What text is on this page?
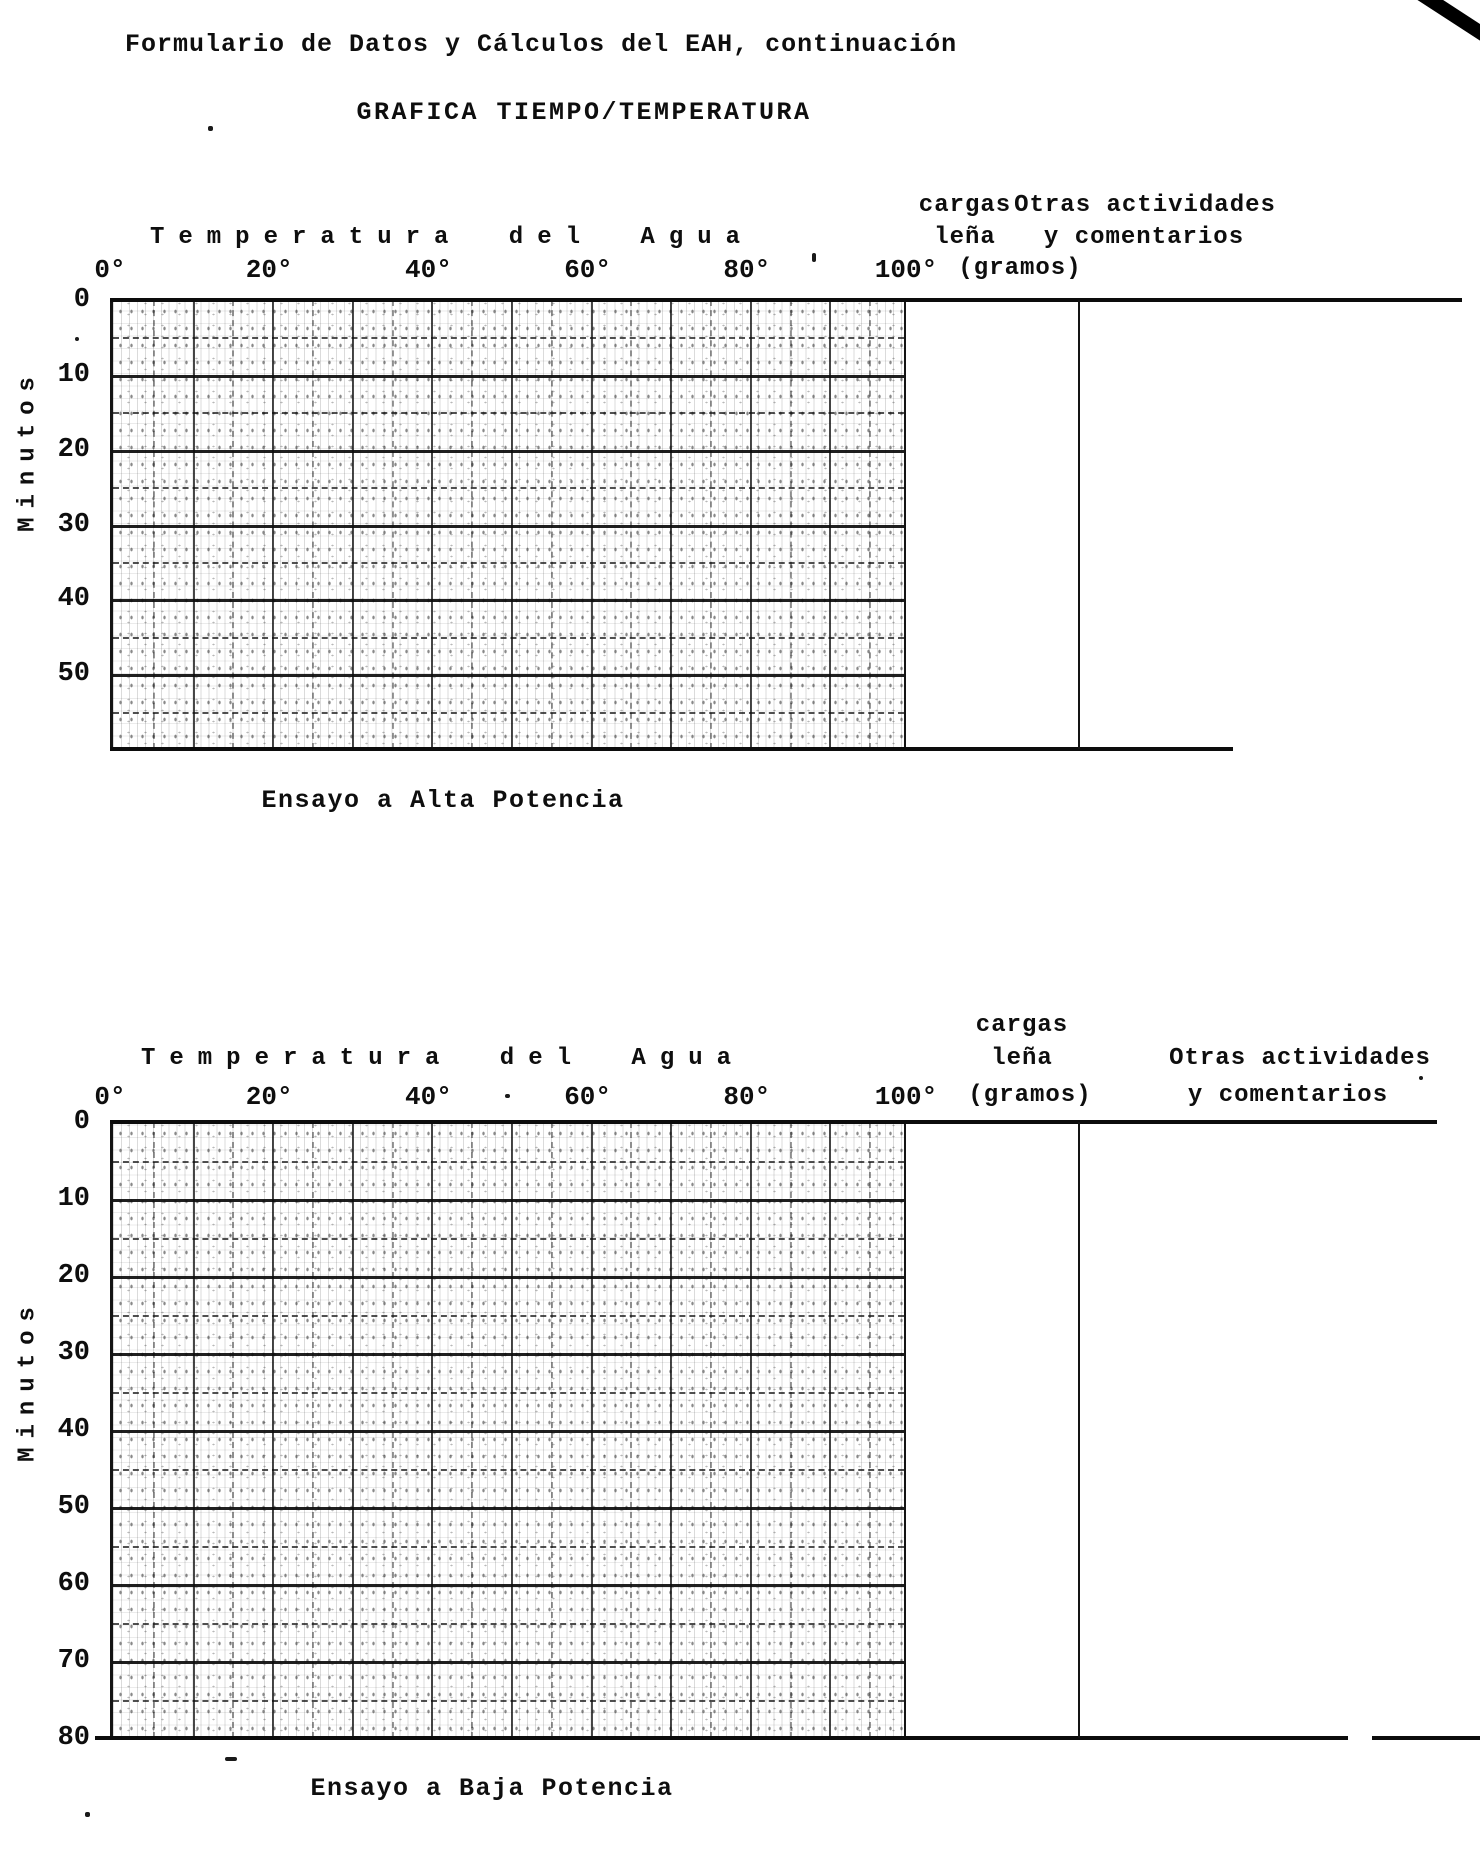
Formulario de Datos y Cálculos del EAH, continuación
GRAFICA TIEMPO/TEMPERATURA
Temperatura del Agua
cargas
leña
(gramos)
Otras actividades
y comentarios
Minutos
Ensayo a Alta Potencia
0°	20°	40°	60°	80°	100°
0
10
20
30
40
50
Temperatura del Agua
cargas
leña
(gramos)
Otras actividades
y comentarios
Minutos
Ensayo a Baja Potencia
0°	20°	40°	60°	80°	100°
0
10
20
30
40
50
60
70
80
